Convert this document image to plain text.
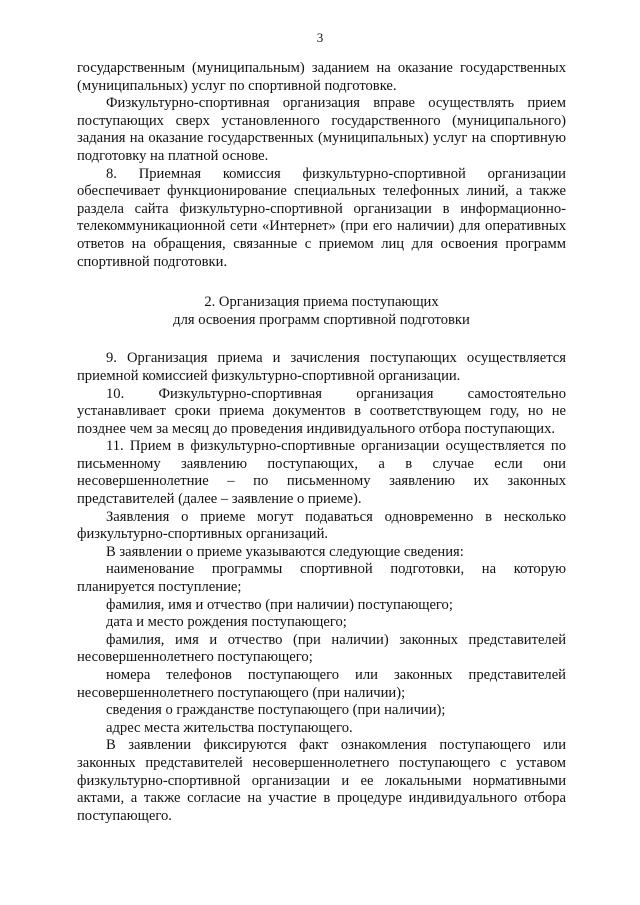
3

государственным (муниципальным) заданием на оказание государственных (муниципальных) услуг по спортивной подготовке.

Физкультурно-спортивная организация вправе осуществлять прием поступающих сверх установленного государственного (муниципального) задания на оказание государственных (муниципальных) услуг на спортивную подготовку на платной основе.

8. Приемная комиссия физкультурно-спортивной организации обеспечивает функционирование специальных телефонных линий, а также раздела сайта физкультурно-спортивной организации в информационно-телекоммуникационной сети «Интернет» (при его наличии) для оперативных ответов на обращения, связанные с приемом лиц для освоения программ спортивной подготовки.

2. Организация приема поступающих
для освоения программ спортивной подготовки

9. Организация приема и зачисления поступающих осуществляется приемной комиссией физкультурно-спортивной организации.

10. Физкультурно-спортивная организация самостоятельно устанавливает сроки приема документов в соответствующем году, но не позднее чем за месяц до проведения индивидуального отбора поступающих.

11. Прием в физкультурно-спортивные организации осуществляется по письменному заявлению поступающих, а в случае если они несовершеннолетние – по письменному заявлению их законных представителей (далее – заявление о приеме).

Заявления о приеме могут подаваться одновременно в несколько физкультурно-спортивных организаций.

В заявлении о приеме указываются следующие сведения:

наименование программы спортивной подготовки, на которую планируется поступление;

фамилия, имя и отчество (при наличии) поступающего;

дата и место рождения поступающего;

фамилия, имя и отчество (при наличии) законных представителей несовершеннолетнего поступающего;

номера телефонов поступающего или законных представителей несовершеннолетнего поступающего (при наличии);

сведения о гражданстве поступающего (при наличии);

адрес места жительства поступающего.

В заявлении фиксируются факт ознакомления поступающего или законных представителей несовершеннолетнего поступающего с уставом физкультурно-спортивной организации и ее локальными нормативными актами, а также согласие на участие в процедуре индивидуального отбора поступающего.
